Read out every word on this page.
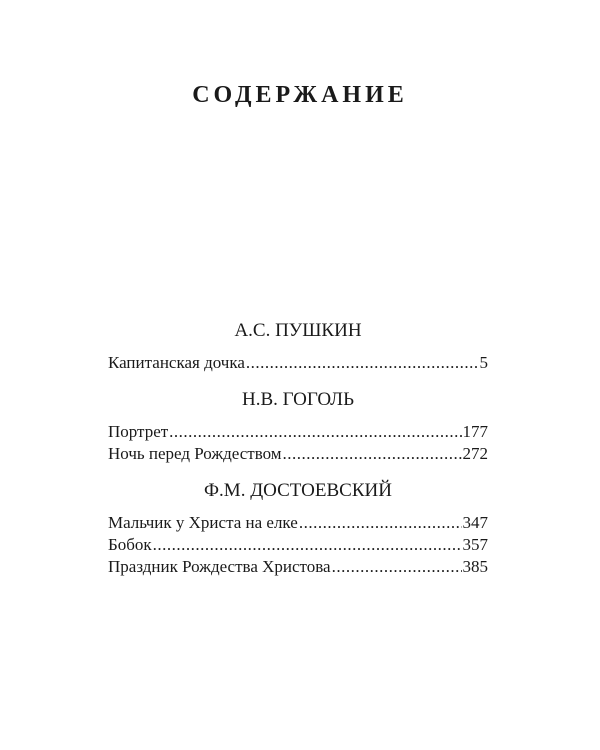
СОДЕРЖАНИЕ

А.С. ПУШКИН

Капитанская дочка .....	5

Н.В. ГОГОЛЬ

Портрет .....	177
Ночь перед Рождеством .....	272

Ф.М. ДОСТОЕВСКИЙ

Мальчик у Христа на елке .....	347
Бобок .....	357
Праздник Рождества Христова .....	385
